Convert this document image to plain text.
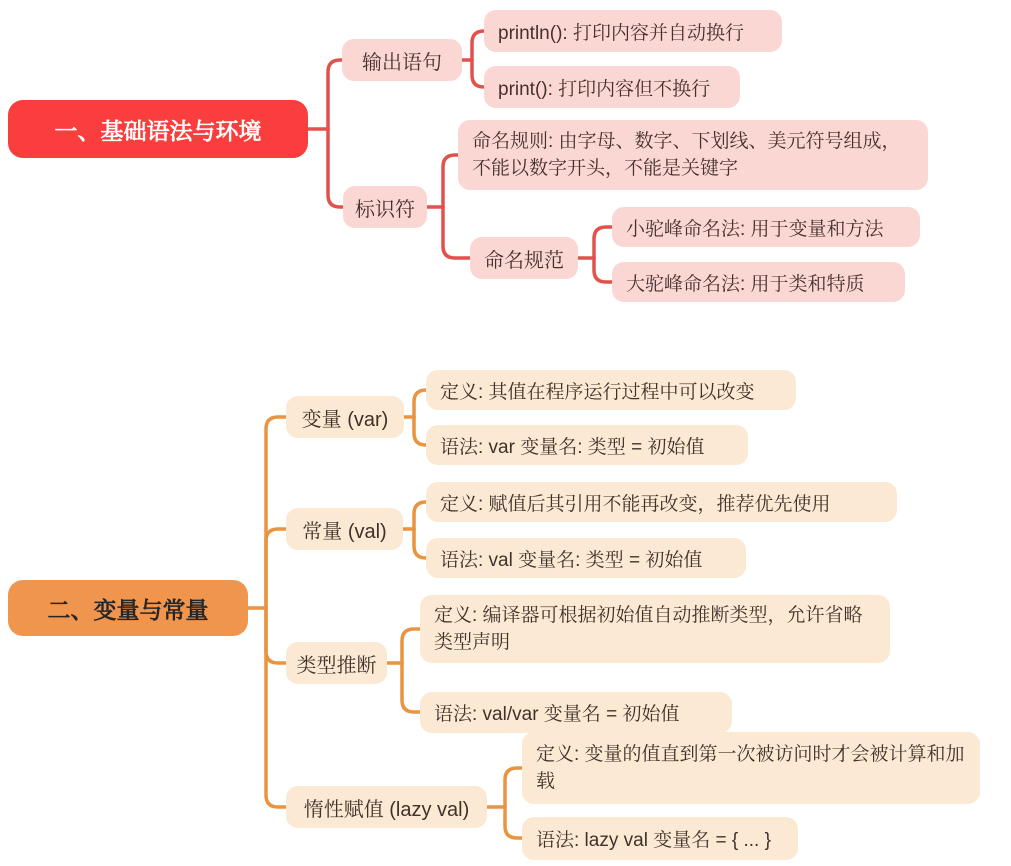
一、基础语法与环境
输出语句
println(): 打印内容并自动换行
print(): 打印内容但不换行
标识符
命名规则: 由字母、数字、下划线、美元符号组成，不能以数字开头，不能是关键字
命名规范
小驼峰命名法: 用于变量和方法
大驼峰命名法: 用于类和特质
二、变量与常量
变量 (var)
定义: 其值在程序运行过程中可以改变
语法: var 变量名: 类型 = 初始值
常量 (val)
定义: 赋值后其引用不能再改变，推荐优先使用
语法: val 变量名: 类型 = 初始值
类型推断
定义: 编译器可根据初始值自动推断类型，允许省略类型声明
语法: val/var 变量名 = 初始值
惰性赋值 (lazy val)
定义: 变量的值直到第一次被访问时才会被计算和加载
语法: lazy val 变量名 = { ... }
